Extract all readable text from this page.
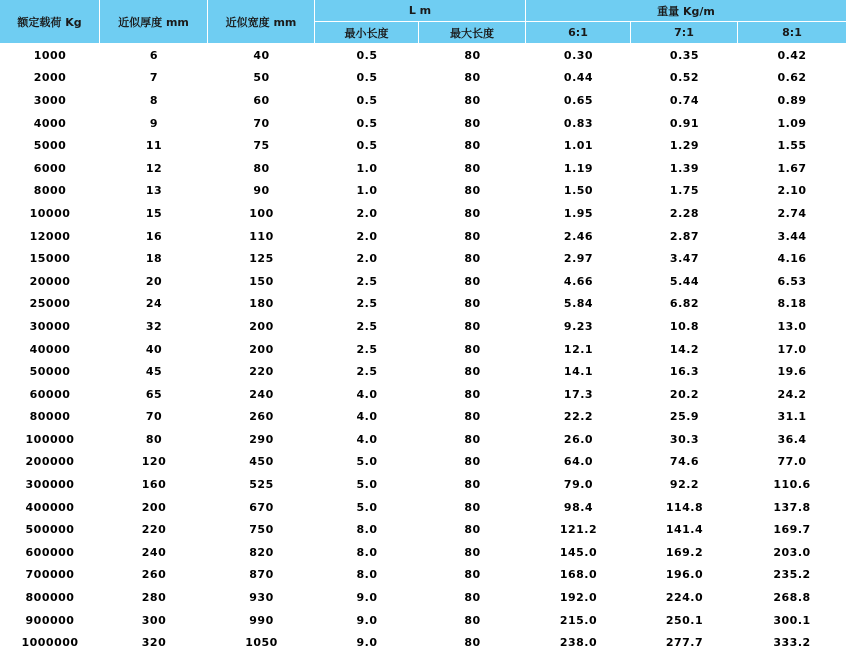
额定载荷 Kg	近似厚度 mm	近似宽度 mm	L m		重量 Kg/m		
			最小长度	最大长度	6:1	7:1	8:1
1000	6	40	0.5	80	0.30	0.35	0.42
2000	7	50	0.5	80	0.44	0.52	0.62
3000	8	60	0.5	80	0.65	0.74	0.89
4000	9	70	0.5	80	0.83	0.91	1.09
5000	11	75	0.5	80	1.01	1.29	1.55
6000	12	80	1.0	80	1.19	1.39	1.67
8000	13	90	1.0	80	1.50	1.75	2.10
10000	15	100	2.0	80	1.95	2.28	2.74
12000	16	110	2.0	80	2.46	2.87	3.44
15000	18	125	2.0	80	2.97	3.47	4.16
20000	20	150	2.5	80	4.66	5.44	6.53
25000	24	180	2.5	80	5.84	6.82	8.18
30000	32	200	2.5	80	9.23	10.8	13.0
40000	40	200	2.5	80	12.1	14.2	17.0
50000	45	220	2.5	80	14.1	16.3	19.6
60000	65	240	4.0	80	17.3	20.2	24.2
80000	70	260	4.0	80	22.2	25.9	31.1
100000	80	290	4.0	80	26.0	30.3	36.4
200000	120	450	5.0	80	64.0	74.6	77.0
300000	160	525	5.0	80	79.0	92.2	110.6
400000	200	670	5.0	80	98.4	114.8	137.8
500000	220	750	8.0	80	121.2	141.4	169.7
600000	240	820	8.0	80	145.0	169.2	203.0
700000	260	870	8.0	80	168.0	196.0	235.2
800000	280	930	9.0	80	192.0	224.0	268.8
900000	300	990	9.0	80	215.0	250.1	300.1
1000000	320	1050	9.0	80	238.0	277.7	333.2
